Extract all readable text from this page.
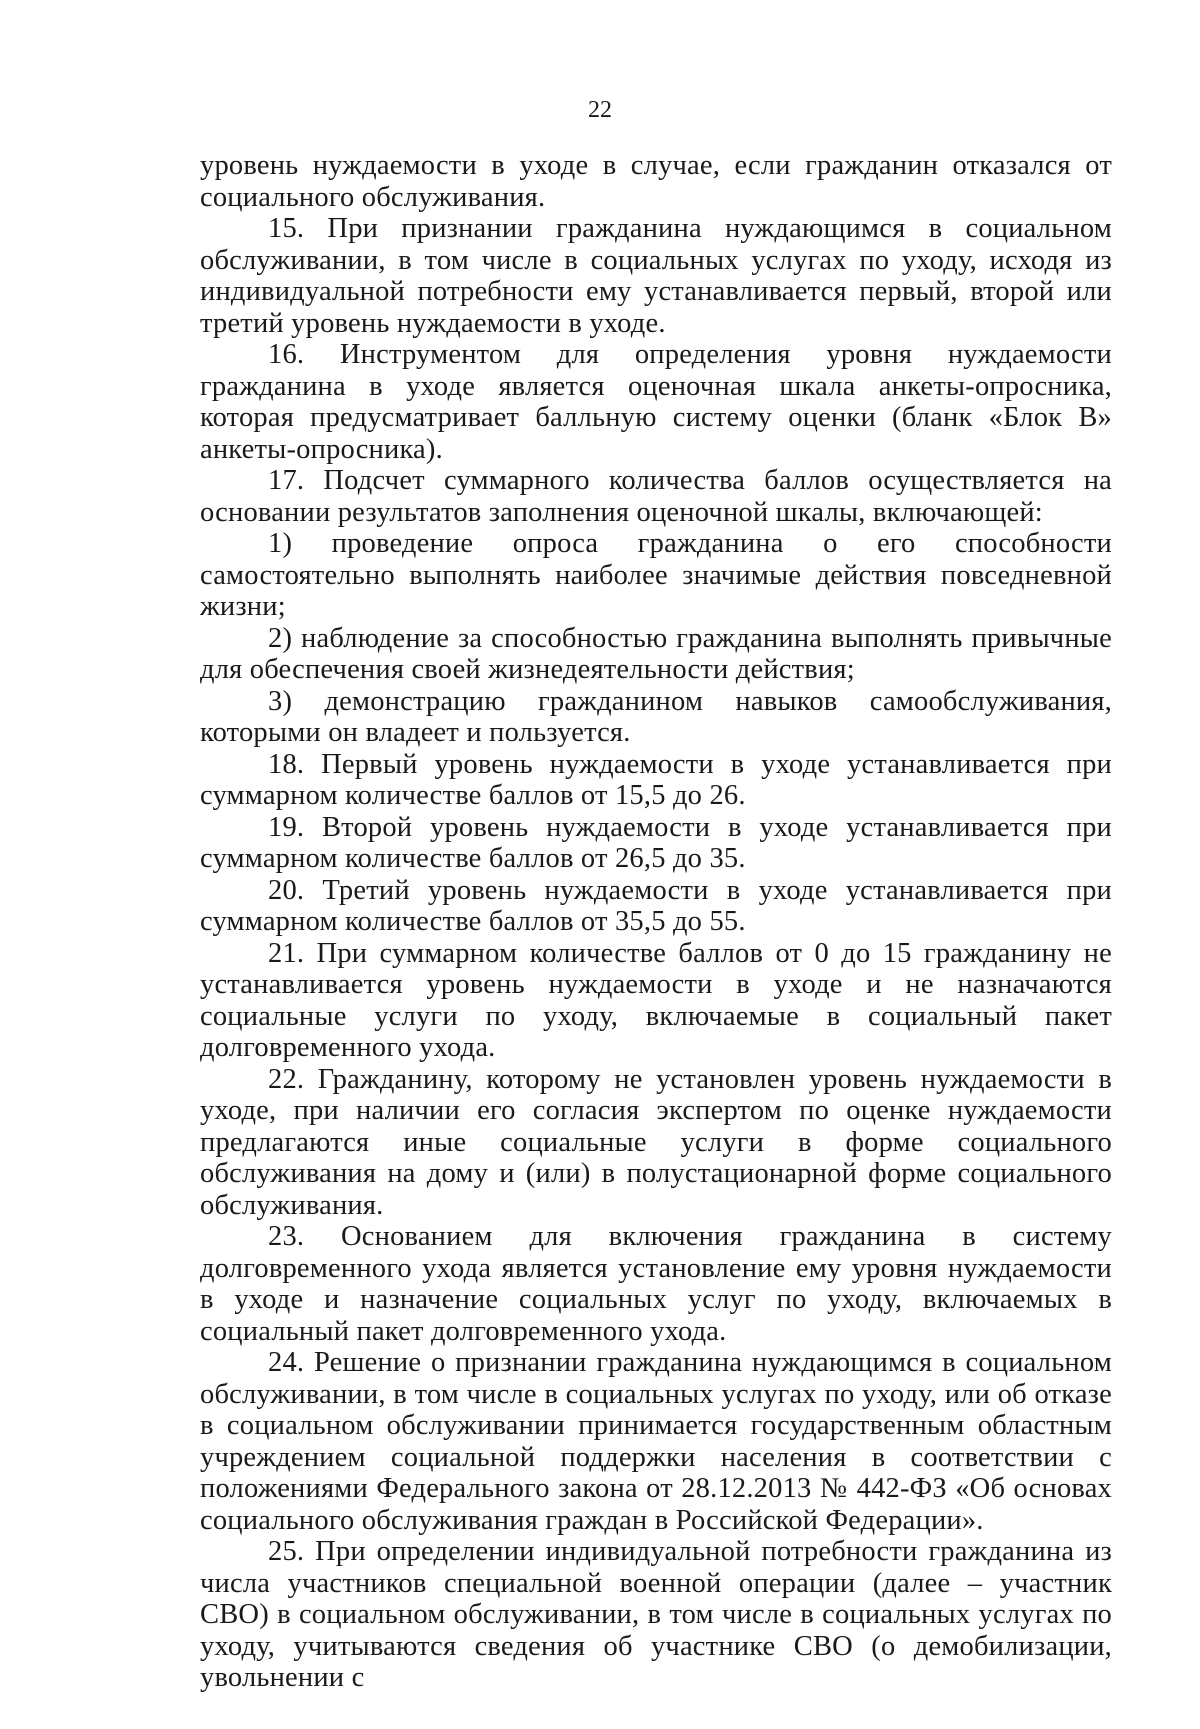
22

уровень нуждаемости в уходе в случае, если гражданин отказался от социального обслуживания.

15. При признании гражданина нуждающимся в социальном обслуживании, в том числе в социальных услугах по уходу, исходя из индивидуальной потребности ему устанавливается первый, второй или третий уровень нуждаемости в уходе.

16. Инструментом для определения уровня нуждаемости гражданина в уходе является оценочная шкала анкеты-опросника, которая предусматривает балльную систему оценки (бланк «Блок В» анкеты-опросника).

17. Подсчет суммарного количества баллов осуществляется на основании результатов заполнения оценочной шкалы, включающей:

1) проведение опроса гражданина о его способности самостоятельно выполнять наиболее значимые действия повседневной жизни;

2) наблюдение за способностью гражданина выполнять привычные для обеспечения своей жизнедеятельности действия;

3) демонстрацию гражданином навыков самообслуживания, которыми он владеет и пользуется.

18. Первый уровень нуждаемости в уходе устанавливается при суммарном количестве баллов от 15,5 до 26.

19. Второй уровень нуждаемости в уходе устанавливается при суммарном количестве баллов от 26,5 до 35.

20. Третий уровень нуждаемости в уходе устанавливается при суммарном количестве баллов от 35,5 до 55.

21. При суммарном количестве баллов от 0 до 15 гражданину не устанавливается уровень нуждаемости в уходе и не назначаются социальные услуги по уходу, включаемые в социальный пакет долговременного ухода.

22. Гражданину, которому не установлен уровень нуждаемости в уходе, при наличии его согласия экспертом по оценке нуждаемости предлагаются иные социальные услуги в форме социального обслуживания на дому и (или) в полустационарной форме социального обслуживания.

23. Основанием для включения гражданина в систему долговременного ухода является установление ему уровня нуждаемости в уходе и назначение социальных услуг по уходу, включаемых в социальный пакет долговременного ухода.

24. Решение о признании гражданина нуждающимся в социальном обслуживании, в том числе в социальных услугах по уходу, или об отказе в социальном обслуживании принимается государственным областным учреждением социальной поддержки населения в соответствии с положениями Федерального закона от 28.12.2013 № 442-ФЗ «Об основах социального обслуживания граждан в Российской Федерации».

25. При определении индивидуальной потребности гражданина из числа участников специальной военной операции (далее – участник СВО) в социальном обслуживании, в том числе в социальных услугах по уходу, учитываются сведения об участнике СВО (о демобилизации, увольнении с
